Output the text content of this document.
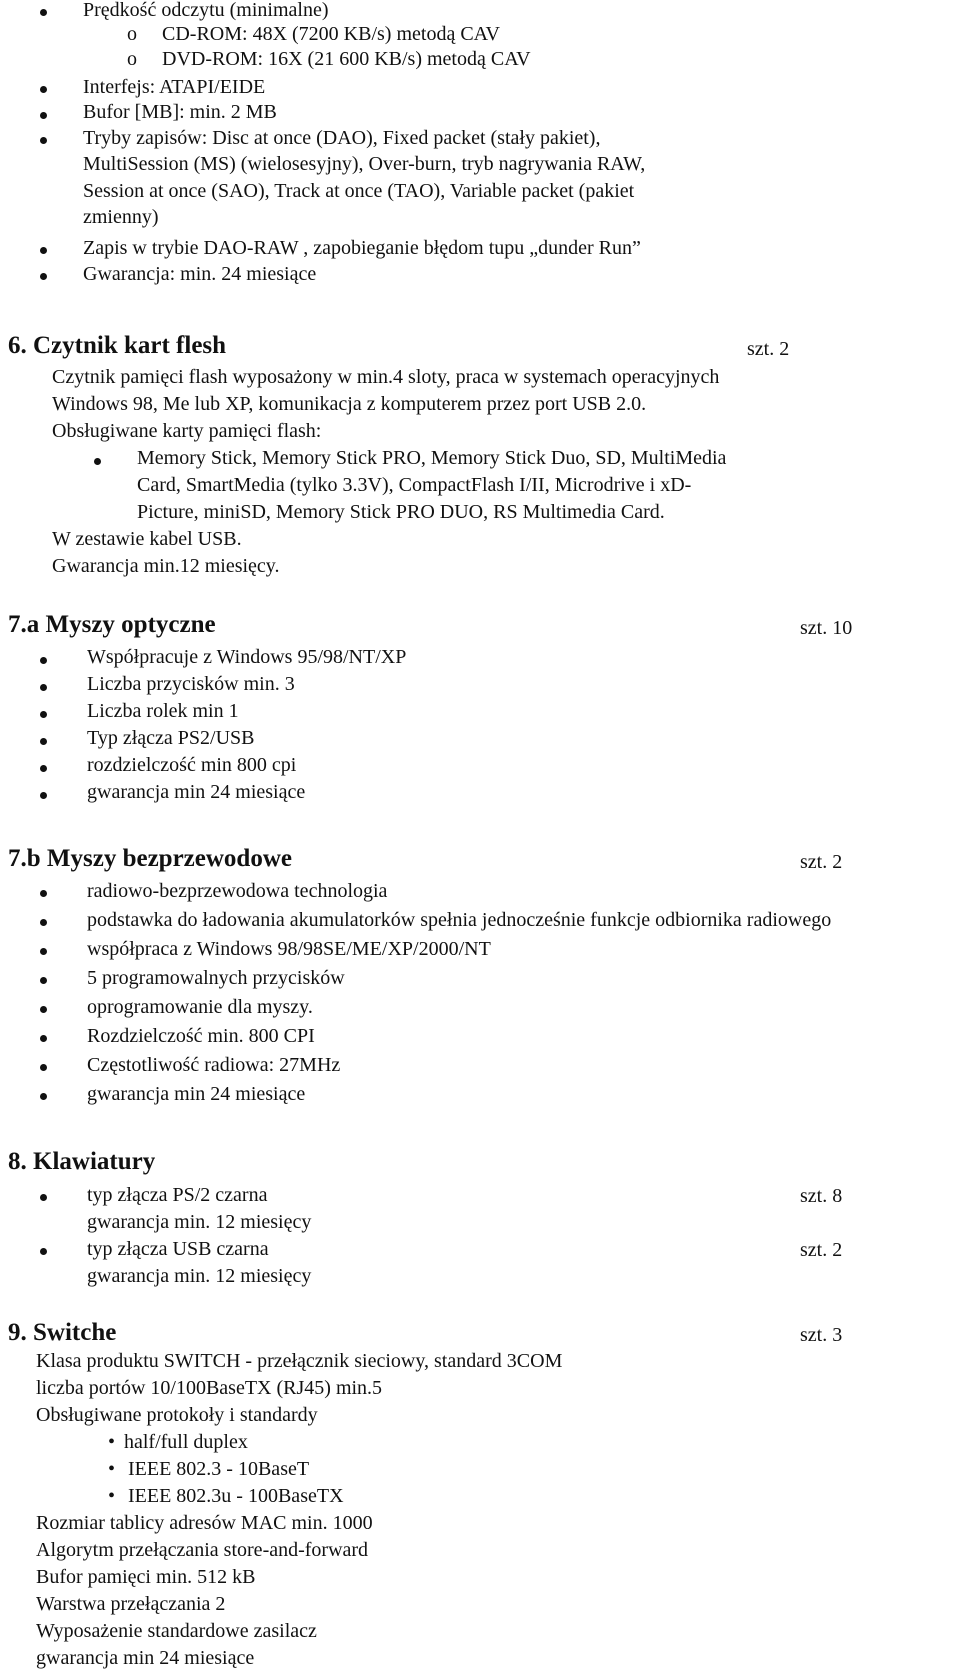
Prędkość odczytu (minimalne)
o CD-ROM: 48X (7200 KB/s) metodą CAV
o DVD-ROM: 16X (21 600 KB/s) metodą CAV
Interfejs: ATAPI/EIDE
Bufor [MB]: min. 2 MB
Tryby zapisów: Disc at once (DAO), Fixed packet (stały pakiet),
MultiSession (MS) (wielosesyjny), Over-burn, tryb nagrywania RAW,
Session at once (SAO), Track at once (TAO), Variable packet (pakiet
zmienny)
Zapis w trybie DAO-RAW , zapobieganie błędom tupu „dunder Run”
Gwarancja: min. 24 miesiące
6. Czytnik kart flesh	szt. 2
Czytnik pamięci flash wyposażony w min.4 sloty, praca w systemach operacyjnych
Windows 98, Me lub XP, komunikacja z komputerem przez port USB 2.0.
Obsługiwane karty pamięci flash:
Memory Stick, Memory Stick PRO, Memory Stick Duo, SD, MultiMedia
Card, SmartMedia (tylko 3.3V), CompactFlash I/II, Microdrive i xD-
Picture, miniSD, Memory Stick PRO DUO, RS Multimedia Card.
W zestawie kabel USB.
Gwarancja min.12 miesięcy.
7.a Myszy optyczne	szt. 10
Współpracuje z Windows 95/98/NT/XP
Liczba przycisków min. 3
Liczba rolek min 1
Typ złącza PS2/USB
rozdzielczość min 800 cpi
gwarancja min 24 miesiące
7.b Myszy bezprzewodowe	szt. 2
radiowo-bezprzewodowa technologia
podstawka do ładowania akumulatorków spełnia jednocześnie funkcje odbiornika radiowego
współpraca z Windows 98/98SE/ME/XP/2000/NT
5 programowalnych przycisków
oprogramowanie dla myszy.
Rozdzielczość min. 800 CPI
Częstotliwość radiowa: 27MHz
gwarancja min 24 miesiące
8. Klawiatury
typ złącza PS/2 czarna	szt. 8
gwarancja min. 12 miesięcy
typ złącza USB czarna	szt. 2
gwarancja min. 12 miesięcy
9. Switche	szt. 3
Klasa produktu SWITCH - przełącznik sieciowy, standard 3COM
liczba portów 10/100BaseTX (RJ45) min.5
Obsługiwane protokoły i standardy
• half/full duplex
• IEEE 802.3 - 10BaseT
• IEEE 802.3u - 100BaseTX
Rozmiar tablicy adresów MAC min. 1000
Algorytm przełączania store-and-forward
Bufor pamięci min. 512 kB
Warstwa przełączania 2
Wyposażenie standardowe zasilacz
gwarancja min 24 miesiące
